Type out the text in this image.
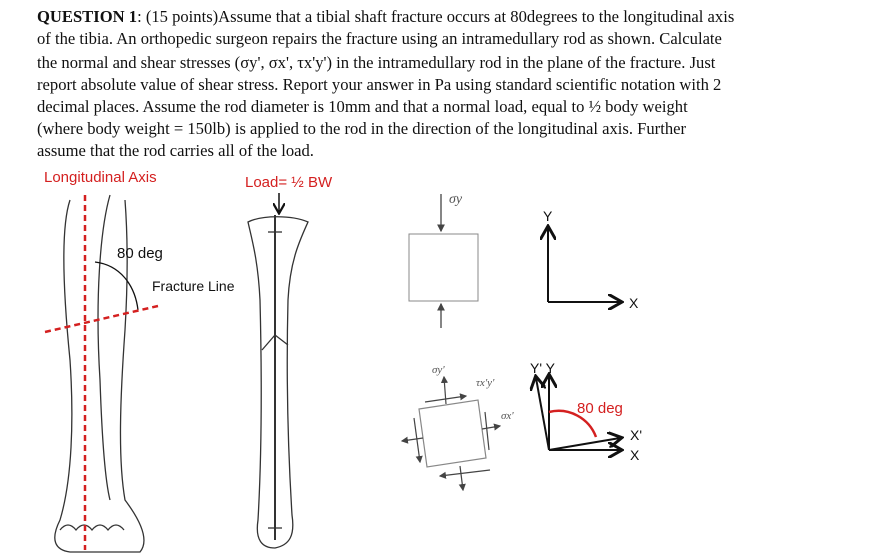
QUESTION 1: (15 points)Assume that a tibial shaft fracture occurs at 80degrees to the longitudinal axis
of the tibia. An orthopedic surgeon repairs the fracture using an intramedullary rod as shown. Calculate
the normal and shear stresses (σy', σx', τx'y') in the intramedullary rod in the plane of the fracture. Just
report absolute value of shear stress. Report your answer in Pa using standard scientific notation with 2
decimal places. Assume the rod diameter is 10mm and that a normal load, equal to ½ body weight
(where body weight = 150lb) is applied to the rod in the direction of the longitudinal axis. Further
assume that the rod carries all of the load.
Longitudinal Axis	Load= ½ BW
80 deg
Fracture Line
σy
Y
X
σy'
τx'y'
σx'
Y' Y
80 deg
X'
X
